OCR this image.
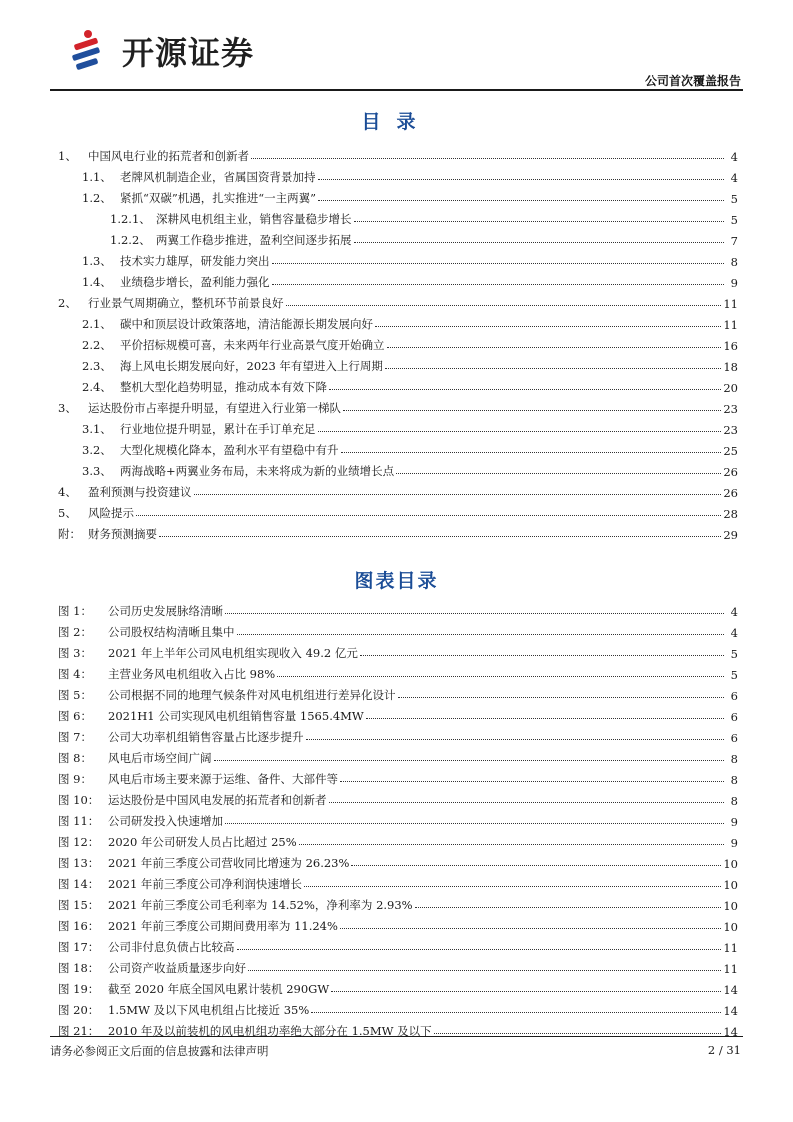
开源证券
公司首次覆盖报告
目录
1、 中国风电行业的拓荒者和创新者	4
1.1、 老牌风机制造企业，省属国资背景加持	4
1.2、 紧抓“双碳”机遇，扎实推进“一主两翼”	5
1.2.1、 深耕风电机组主业，销售容量稳步增长	5
1.2.2、 两翼工作稳步推进，盈利空间逐步拓展	7
1.3、 技术实力雄厚，研发能力突出	8
1.4、 业绩稳步增长，盈利能力强化	9
2、 行业景气周期确立，整机环节前景良好	11
2.1、 碳中和顶层设计政策落地，清洁能源长期发展向好	11
2.2、 平价招标规模可喜，未来两年行业高景气度开始确立	16
2.3、 海上风电长期发展向好，2023 年有望进入上行周期	18
2.4、 整机大型化趋势明显，推动成本有效下降	20
3、 运达股份市占率提升明显，有望进入行业第一梯队	23
3.1、 行业地位提升明显，累计在手订单充足	23
3.2、 大型化规模化降本，盈利水平有望稳中有升	25
3.3、 两海战略+两翼业务布局，未来将成为新的业绩增长点	26
4、 盈利预测与投资建议	26
5、 风险提示	28
附： 财务预测摘要	29
图表目录
图 1：	公司历史发展脉络清晰	4
图 2：	公司股权结构清晰且集中	4
图 3：	2021 年上半年公司风电机组实现收入 49.2 亿元	5
图 4：	主营业务风电机组收入占比 98%	5
图 5：	公司根据不同的地理气候条件对风电机组进行差异化设计	6
图 6：	2021H1 公司实现风电机组销售容量 1565.4MW	6
图 7：	公司大功率机组销售容量占比逐步提升	6
图 8：	风电后市场空间广阔	8
图 9：	风电后市场主要来源于运维、备件、大部件等	8
图 10： 运达股份是中国风电发展的拓荒者和创新者	8
图 11： 公司研发投入快速增加	9
图 12： 2020 年公司研发人员占比超过 25%	9
图 13： 2021 年前三季度公司营收同比增速为 26.23%	10
图 14： 2021 年前三季度公司净利润快速增长	10
图 15： 2021 年前三季度公司毛利率为 14.52%，净利率为 2.93%	10
图 16： 2021 年前三季度公司期间费用率为 11.24%	10
图 17： 公司非付息负债占比较高	11
图 18： 公司资产收益质量逐步向好	11
图 19： 截至 2020 年底全国风电累计装机 290GW	14
图 20： 1.5MW 及以下风电机组占比接近 35%	14
图 21： 2010 年及以前装机的风电机组功率绝大部分在 1.5MW 及以下	14
请务必参阅正文后面的信息披露和法律声明	2 / 31
